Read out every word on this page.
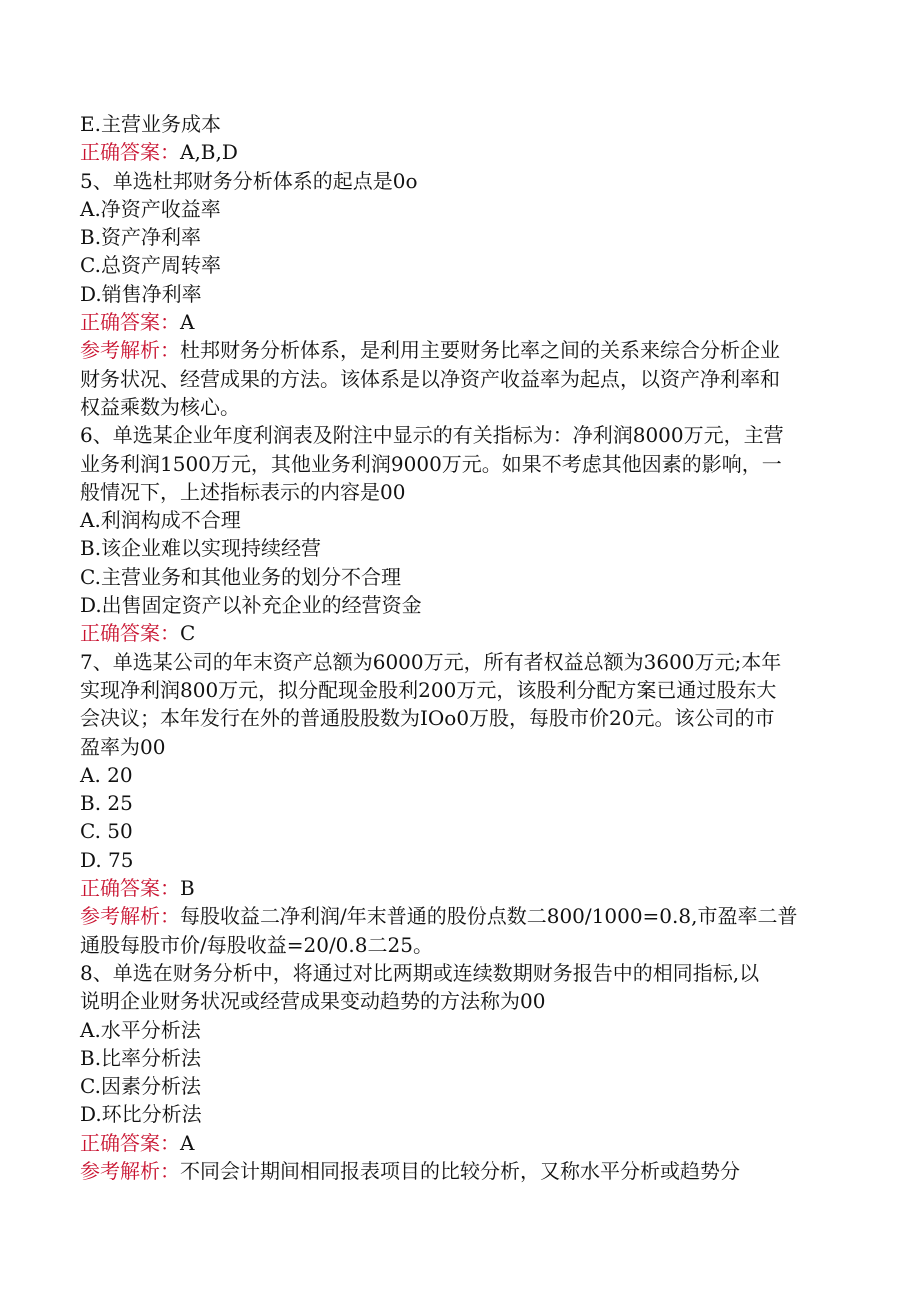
E.主营业务成本
正确答案：A,B,D
5、单选杜邦财务分析体系的起点是0o
A.净资产收益率
B.资产净利率
C.总资产周转率
D.销售净利率
正确答案：A
参考解析：杜邦财务分析体系，是利用主要财务比率之间的关系来综合分析企业
财务状况、经营成果的方法。该体系是以净资产收益率为起点，以资产净利率和
权益乘数为核心。
6、单选某企业年度利润表及附注中显示的有关指标为：净利润8000万元，主营
业务利润1500万元，其他业务利润9000万元。如果不考虑其他因素的影响，一
般情况下，上述指标表示的内容是00
A.利润构成不合理
B.该企业难以实现持续经营
C.主营业务和其他业务的划分不合理
D.出售固定资产以补充企业的经营资金
正确答案：C
7、单选某公司的年末资产总额为6000万元，所有者权益总额为3600万元;本年
实现净利润800万元，拟分配现金股利200万元，该股利分配方案已通过股东大
会决议；本年发行在外的普通股股数为IOo0万股，每股市价20元。该公司的市
盈率为00
A. 20
B. 25
C. 50
D. 75
正确答案：B
参考解析：每股收益二净利润/年末普通的股份点数二800/1000=0.8,市盈率二普
通股每股市价/每股收益=20/0.8二25。
8、单选在财务分析中，将通过对比两期或连续数期财务报告中的相同指标,以
说明企业财务状况或经营成果变动趋势的方法称为00
A.水平分析法
B.比率分析法
C.因素分析法
D.环比分析法
正确答案：A
参考解析：不同会计期间相同报表项目的比较分析，又称水平分析或趋势分
